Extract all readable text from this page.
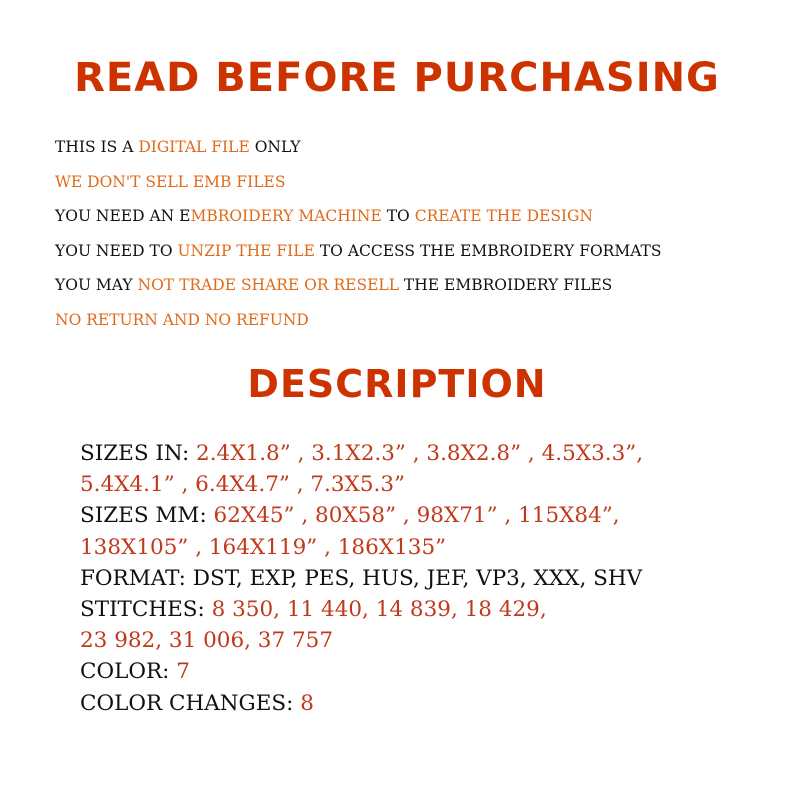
READ BEFORE PURCHASING
THIS IS A DIGITAL FILE ONLY
WE DON'T SELL EMB FILES
YOU NEED AN EMBROIDERY MACHINE TO CREATE THE DESIGN
YOU NEED TO UNZIP THE FILE TO ACCESS THE EMBROIDERY FORMATS
YOU MAY NOT TRADE SHARE OR RESELL THE EMBROIDERY FILES
NO RETURN AND NO REFUND
DESCRIPTION
SIZES IN: 2.4X1.8” , 3.1X2.3” , 3.8X2.8” , 4.5X3.3”,
5.4X4.1” , 6.4X4.7” , 7.3X5.3”
SIZES MM: 62X45” , 80X58” , 98X71” , 115X84”,
138X105” , 164X119” , 186X135”
FORMAT: DST, EXP, PES, HUS, JEF, VP3, XXX, SHV
STITCHES: 8 350, 11 440, 14 839, 18 429,
23 982, 31 006, 37 757
COLOR: 7
COLOR CHANGES: 8
